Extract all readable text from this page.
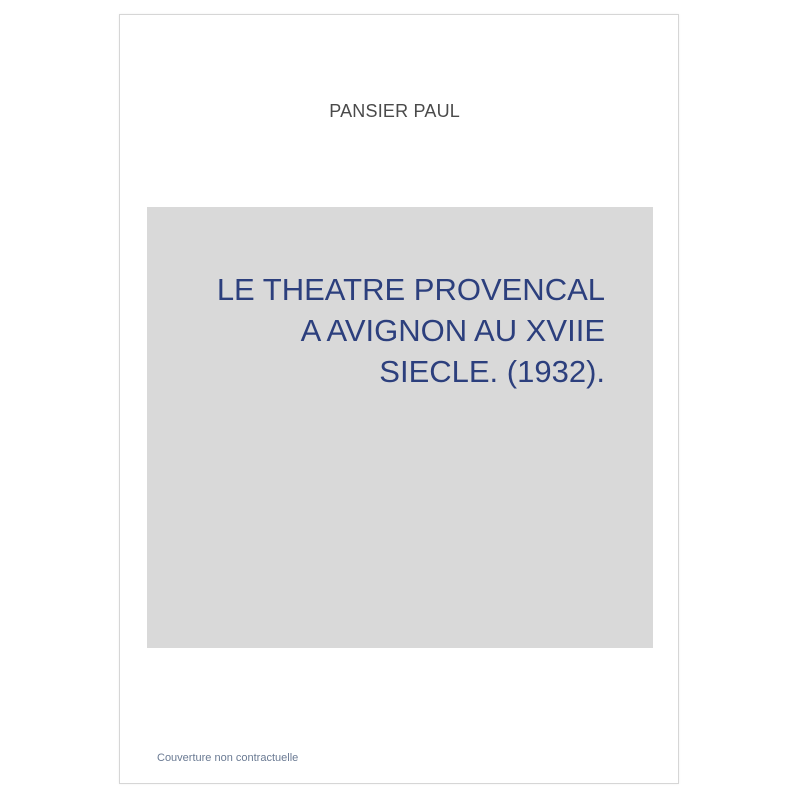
PANSIER PAUL
LE THEATRE PROVENCAL
A AVIGNON AU XVIIE
SIECLE. (1932).
Couverture non contractuelle
